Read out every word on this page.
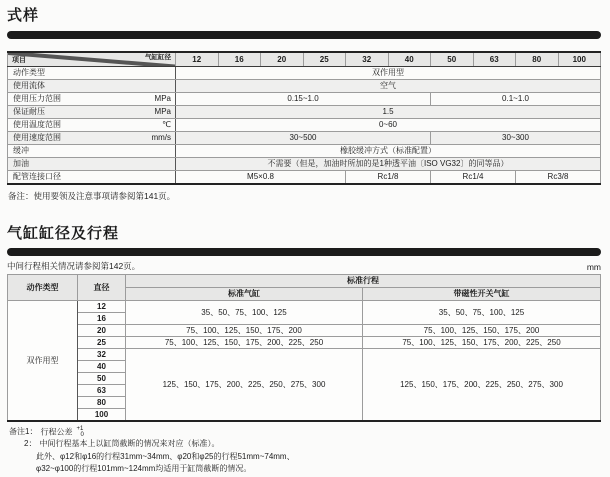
式样
气缸缸径
项目	12	16	20	25	32	40	50	63	80	100

动作类型	双作用型									

使用流体	空气									

使用压力范围 MPa	0.15~1.0						0.1~1.0			

保证耐压 MPa	1.5									

使用温度范围 ℃	0~60									

使用速度范围 mm/s	30~500						30~300			

缓冲	橡胶缓冲方式（标准配置）									

加油	不需要（但是，加油时所加的是1种透平油〔ISO VG32〕的同等品）									

配管连接口径	M5×0.8				Rc1/8		Rc1/4		Rc3/8	
备注：使用要领及注意事项请参阅第141页。
气缸缸径及行程
中间行程相关情况请参阅第142页。	mm
动作类型	直径	标准行程	
		标准气缸	带磁性开关气缸
双作用型	12	35、50、75、100、125	35、50、75、100、125
	16		
	20	75、100、125、150、175、200	75、100、125、150、175、200
	25	75、100、125、150、175、200、225、250	75、100、125、150、175、200、225、250
	32	125、150、175、200、225、250、275、300	125、150、175、200、225、250、275、300
	40		
	50		
	63		
	80		
	100		
备注1： 行程公差 +1
0
2： 中间行程基本上以缸筒截断的情况来对应（标准）。
此外、φ12和φ16的行程31mm~34mm、φ20和φ25的行程51mm~74mm、
φ32~φ100的行程101mm~124mm均适用于缸筒截断的情况。
